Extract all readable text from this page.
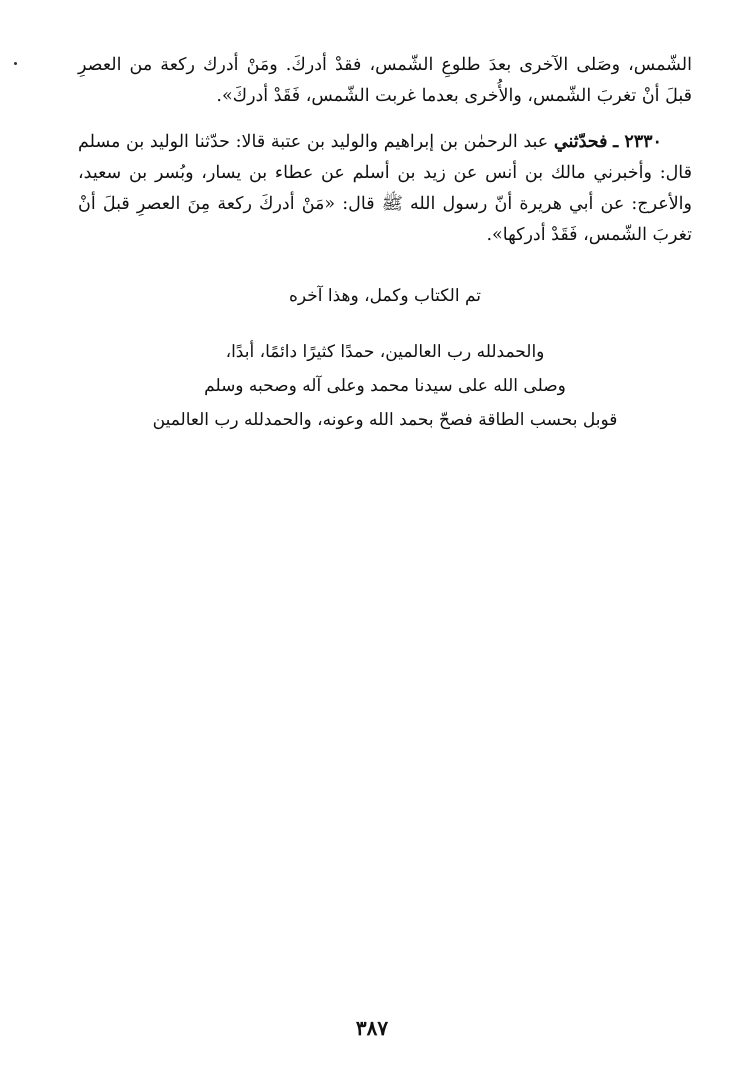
الشّمس، وصَلى الآخرى بعدَ طلوعِ الشّمس، فقدْ أدركَ. ومَنْ أدرك ركعة من العصرِ قبلَ أنْ تغربَ الشّمس، والأُخرى بعدما غربت الشّمس، فَقَدْ أدركَ».

٢٣٣٠ ـ فحدّثني عبد الرحمٰن بن إبراهيم والوليد بن عتبة قالا: حدّثنا الوليد بن مسلم قال: وأخبرني مالك بن أنس عن زيد بن أسلم عن عطاء بن يسار، وبُسر بن سعيد، والأعرج: عن أبي هريرة أنّ رسول الله ﷺ قال: «مَنْ أدركَ ركعة مِنَ العصرِ قبلَ أنْ تغربَ الشّمس، فَقَدْ أدركها».

تم الكتاب وكمل، وهذا آخره
والحمدلله رب العالمين، حمدًا كثيرًا دائمًا، أبدًا،
وصلى الله على سيدنا محمد وعلى آله وصحبه وسلم
قوبل بحسب الطاقة فصحّ بحمد الله وعونه، والحمدلله رب العالمين
٣٨٧
